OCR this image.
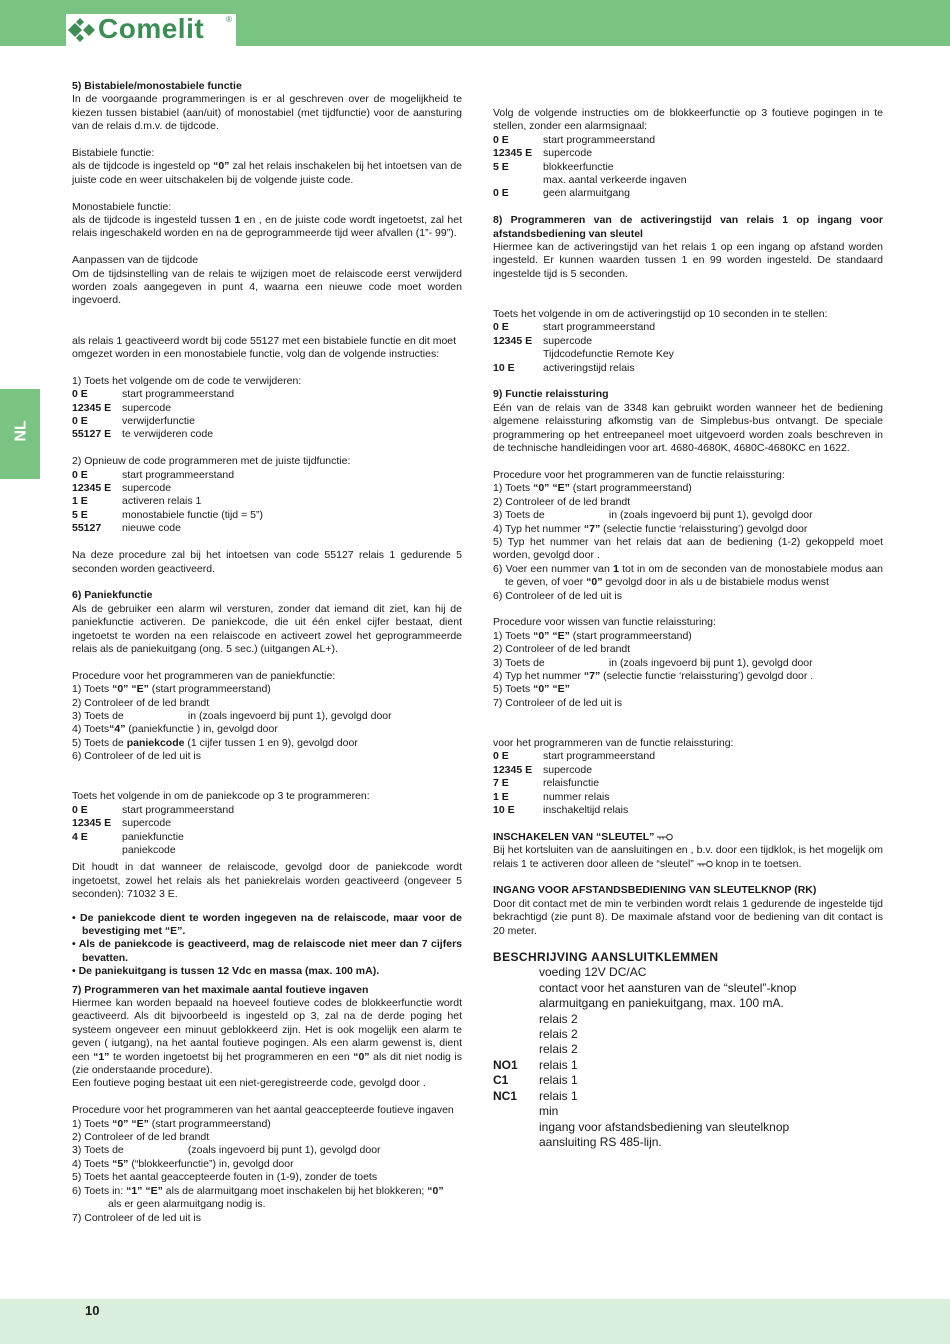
Comelit	®
NL

5) Bistabiele/monostabiele functie

In de voorgaande programmeringen is er al geschreven over de mogelijkheid te kiezen tussen bistabiel (aan/uit) of monostabiel (met tijdfunctie) voor de aansturing van de relais d.m.v. de tijdcode.

Bistabiele functie:

als de tijdcode is ingesteld op “0” zal het relais inschakelen bij het intoetsen van de juiste code en weer uitschakelen bij de volgende juiste code.

Monostabiele functie:

als de tijdcode is ingesteld tussen 1 en , en de juiste code wordt ingetoetst, zal het relais ingeschakeld worden en na de geprogrammeerde tijd weer afvallen (1”- 99”).

Aanpassen van de tijdcode

Om de tijdsinstelling van de relais te wijzigen moet de relaiscode eerst verwijderd worden zoals aangegeven in punt 4, waarna een nieuwe code moet worden ingevoerd.

als relais 1 geactiveerd wordt bij code 55127 met een bistabiele functie en dit moet omgezet worden in een monostabiele functie, volg dan de volgende instructies:

1) Toets het volgende om de code te verwijderen:

0 E	start programmeerstand
12345 E	supercode
0 E	verwijderfunctie
55127 E	te verwijderen code

2) Opnieuw de code programmeren met de juiste tijdfunctie:

0 E	start programmeerstand
12345 E	supercode
1 E	activeren relais 1
5 E	monostabiele functie (tijd = 5”)
55127	nieuwe code

Na deze procedure zal bij het intoetsen van code 55127 relais 1 gedurende 5 seconden worden geactiveerd.

6) Paniekfunctie

Als de gebruiker een alarm wil versturen, zonder dat iemand dit ziet, kan hij de paniekfunctie activeren. De paniekcode, die uit één enkel cijfer bestaat, dient ingetoetst te worden na een relaiscode en activeert zowel het geprogrammeerde relais als de paniekuitgang (ong. 5 sec.) (uitgangen AL+).

Procedure voor het programmeren van de paniekfunctie:

1) Toets “0” “E” (start programmeerstand)

2) Controleer of de led brandt

3) Toets de                      in (zoals ingevoerd bij punt 1), gevolgd door

4) Toets“4” (paniekfunctie ) in, gevolgd door

5) Toets de paniekcode (1 cijfer tussen 1 en 9), gevolgd door

6) Controleer of de led uit is

Toets het volgende in om de paniekcode op 3 te programmeren:

0 E	start programmeerstand
12345 E	supercode
4 E	paniekfunctie
paniekcode

Dit houdt in dat wanneer de relaiscode, gevolgd door de paniekcode wordt ingetoetst, zowel het relais als het paniekrelais worden geactiveerd (ongeveer 5 seconden): 71032 3 E.

• De paniekcode dient te worden ingegeven na de relaiscode, maar voor de bevestiging met “E”.

• Als de paniekcode is geactiveerd, mag de relaiscode niet meer dan 7 cijfers bevatten.

• De paniekuitgang is tussen 12 Vdc en massa (max. 100 mA).

7) Programmeren van het maximale aantal foutieve ingaven

Hiermee kan worden bepaald na hoeveel foutieve codes de blokkeerfunctie wordt geactiveerd. Als dit bijvoorbeeld is ingesteld op 3, zal na de derde poging het systeem ongeveer een minuut geblokkeerd zijn. Het is ook mogelijk een alarm te geven ( iutgang), na het aantal foutieve pogingen. Als een alarm gewenst is, dient een “1” te worden ingetoetst bij het programmeren en een “0” als dit niet nodig is (zie onderstaande procedure).

Een foutieve poging bestaat uit een niet-geregistreerde code, gevolgd door .

Procedure voor het programmeren van het aantal geaccepteerde foutieve ingaven

1) Toets “0” “E” (start programmeerstand)

2) Controleer of de led brandt

3) Toets de                      (zoals ingevoerd bij punt 1), gevolgd door

4) Toets “5” (“blokkeerfunctie”) in, gevolgd door

5) Toets het aantal geaccepteerde fouten in (1-9), zonder de toets

6) Toets in: “1” “E” als de alarmuitgang moet inschakelen bij het blokkeren; “0”

als er geen alarmuitgang nodig is.

7) Controleer of de led uit is

Volg de volgende instructies om de blokkeerfunctie op 3 foutieve pogingen in te stellen, zonder een alarmsignaal:

0 E	start programmeerstand
12345 E	supercode
5 E	blokkeerfunctie
max. aantal verkeerde ingaven
0 E	geen alarmuitgang

8) Programmeren van de activeringstijd van relais 1 op ingang voor afstandsbediening van sleutel

Hiermee kan de activeringstijd van het relais 1 op een ingang op afstand worden ingesteld. Er kunnen waarden tussen 1 en 99 worden ingesteld. De standaard ingestelde tijd is 5 seconden.

Toets het volgende in om de activeringstijd op 10 seconden in te stellen:

0 E	start programmeerstand
12345 E	supercode
Tijdcodefunctie Remote Key
10 E	activeringstijd relais

9) Functie relaissturing

Eén van de relais van de 3348 kan gebruikt worden wanneer het de bediening algemene relaissturing afkomstig van de Simplebus-bus ontvangt. De speciale programmering op het entreepaneel moet uitgevoerd worden zoals beschreven in de technische handleidingen voor art. 4680-4680K, 4680C-4680KC en 1622.

Procedure voor het programmeren van de functie relaissturing:

1) Toets “0” “E” (start programmeerstand)

2) Controleer of de led brandt

3) Toets de                      in (zoals ingevoerd bij punt 1), gevolgd door

4) Typ het nummer “7” (selectie functie ‘relaissturing’) gevolgd door

5) Typ het nummer van het relais dat aan de bediening (1-2) gekoppeld moet worden, gevolgd door .

6) Voer een nummer van 1 tot in om de seconden van de monostabiele modus aan te geven, of voer “0” gevolgd door in als u de bistabiele modus wenst

6) Controleer of de led uit is

Procedure voor wissen van functie relaissturing:

1) Toets “0” “E” (start programmeerstand)

2) Controleer of de led brandt

3) Toets de                      in (zoals ingevoerd bij punt 1), gevolgd door

4) Typ het nummer “7” (selectie functie ‘relaissturing’) gevolgd door .

5) Toets “0” “E”

7) Controleer of de led uit is

voor het programmeren van de functie relaissturing:

0 E	start programmeerstand
12345 E	supercode
7 E	relaisfunctie
1 E	nummer relais
10 E	inschakeltijd relais

INSCHAKELEN VAN “SLEUTEL”

Bij het kortsluiten van de aansluitingen en , b.v. door een tijdklok, is het mogelijk om relais 1 te activeren door alleen de “sleutel”  knop in te toetsen.

INGANG VOOR AFSTANDSBEDIENING VAN SLEUTELKNOP (RK)

Door dit contact met de min te verbinden wordt relais 1 gedurende de ingestelde tijd bekrachtigd (zie punt 8). De maximale afstand voor de bediening van dit contact is 20 meter.

BESCHRIJVING AANSLUITKLEMMEN

voeding 12V DC/AC
contact voor het aansturen van de “sleutel”-knop
alarmuitgang en paniekuitgang, max. 100 mA.
relais 2
relais 2
relais 2
NO1	relais 1
C1	relais 1
NC1	relais 1
min
ingang voor afstandsbediening van sleutelknop
aansluiting RS 485-lijn.
10
